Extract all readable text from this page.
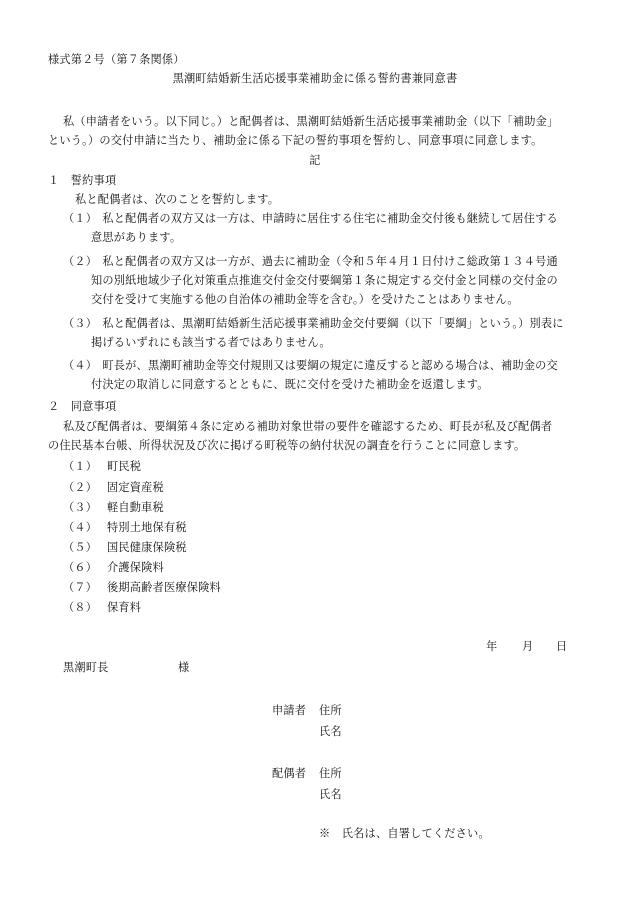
様式第２号（第７条関係）
黒潮町結婚新生活応援事業補助金に係る誓約書兼同意書
私（申請者をいう。以下同じ。）と配偶者は、黒潮町結婚新生活応援事業補助金（以下「補助金」
という。）の交付申請に当たり、補助金に係る下記の誓約事項を誓約し、同意事項に同意します。
記
１　誓約事項
私と配偶者は、次のことを誓約します。
（１）
　私と配偶者の双方又は一方は、申請時に居住する住宅に補助金交付後も継続して居住する
意思があります。
（２）
　私と配偶者の双方又は一方が、過去に補助金（令和５年４月１日付けこ総政第１３４号通
知の別紙地域少子化対策重点推進交付金交付要綱第１条に規定する交付金と同様の交付金の
交付を受けて実施する他の自治体の補助金等を含む。）を受けたことはありません。
（３）
　私と配偶者は、黒潮町結婚新生活応援事業補助金交付要綱（以下「要綱」という。）別表に
掲げるいずれにも該当する者ではありません。
（４）
　町長が、黒潮町補助金等交付規則又は要綱の規定に違反すると認める場合は、補助金の交
付決定の取消しに同意するとともに、既に交付を受けた補助金を返還します。
２　同意事項
私及び配偶者は、要綱第４条に定める補助対象世帯の要件を確認するため、町長が私及び配偶者
の住民基本台帳、所得状況及び次に掲げる町税等の納付状況の調査を行うことに同意します。
（１） 町民税
（２） 固定資産税
（３） 軽自動車税
（４） 特別土地保有税
（５） 国民健康保険税
（６） 介護保険料
（７） 後期高齢者医療保険料
（８） 保育料
年 月 日
黒潮町長	様
申請者 住所
氏名
配偶者 住所
氏名
※　氏名は、自署してください。
